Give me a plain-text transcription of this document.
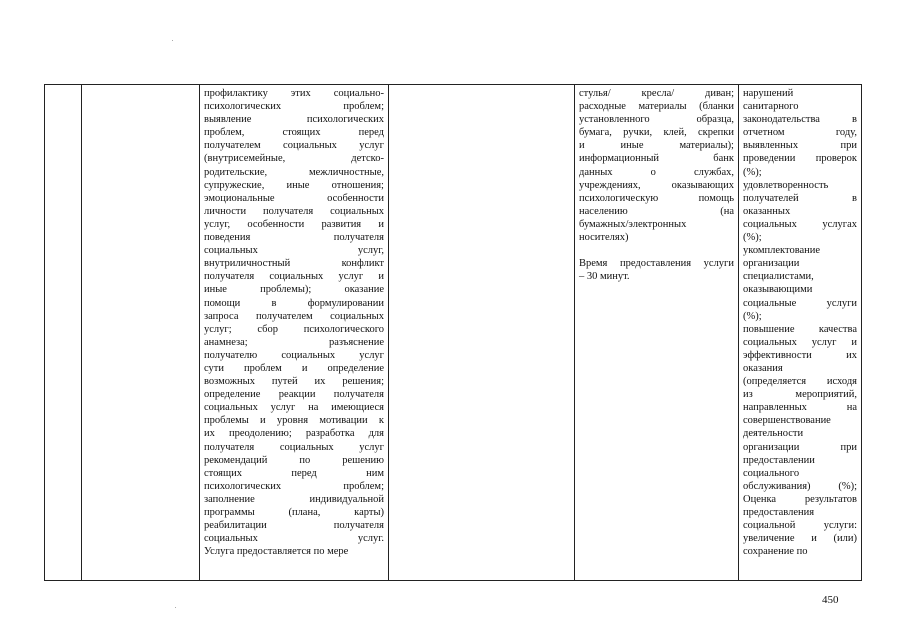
профилактику этих социально-
психологических	проблем;
выявление	психологических
проблем,	стоящих	перед
получателем социальных услуг
(внутрисемейные,	детско-
родительские,	межличностные,
супружеские, иные отношения;
эмоциональные	особенности
личности получателя социальных
услуг, особенности развития и
поведения	получателя
социальных	услуг,
внутриличностный	конфликт
получателя социальных услуг и
иные	проблемы);	оказание
помощи	в	формулировании
запроса получателем социальных
услуг; сбор психологического
анамнеза;	разъяснение
получателю социальных услуг
сути проблем и определение
возможных путей их решения;
определение реакции получателя
социальных услуг на имеющиеся
проблемы и уровня мотивации к
их преодолению; разработка для
получателя социальных услуг
рекомендаций	по	решению
стоящих	перед	ним
психологических	проблем;
заполнение	индивидуальной
программы	(плана,	карты)
реабилитации	получателя
социальных	услуг.
Услуга предоставляется по мере

стулья/	кресла/	диван;
расходные материалы (бланки
установленного	образца,
бумага, ручки, клей, скрепки
и	иные	материалы);
информационный	банк
данных	о	службах,
учреждениях,	оказывающих
психологическую	помощь
населению	(на
бумажных/электронных
носителях)
Время предоставления услуги
– 30 минут.

нарушений
санитарного
законодательства	в
отчетном	году,
выявленных	при
проведении проверок
(%);
удовлетворенность
получателей	в
оказанных
социальных услугах
(%);
укомплектование
организации
специалистами,
оказывающими
социальные	услуги
(%);
повышение качества
социальных услуг и
эффективности	их
оказания
(определяется исходя
из	мероприятий,
направленных	на
совершенствование
деятельности
организации	при
предоставлении
социального
обслуживания)	(%);
Оценка	результатов
предоставления
социальной	услуги:
увеличение и (или)
сохранение по
450
